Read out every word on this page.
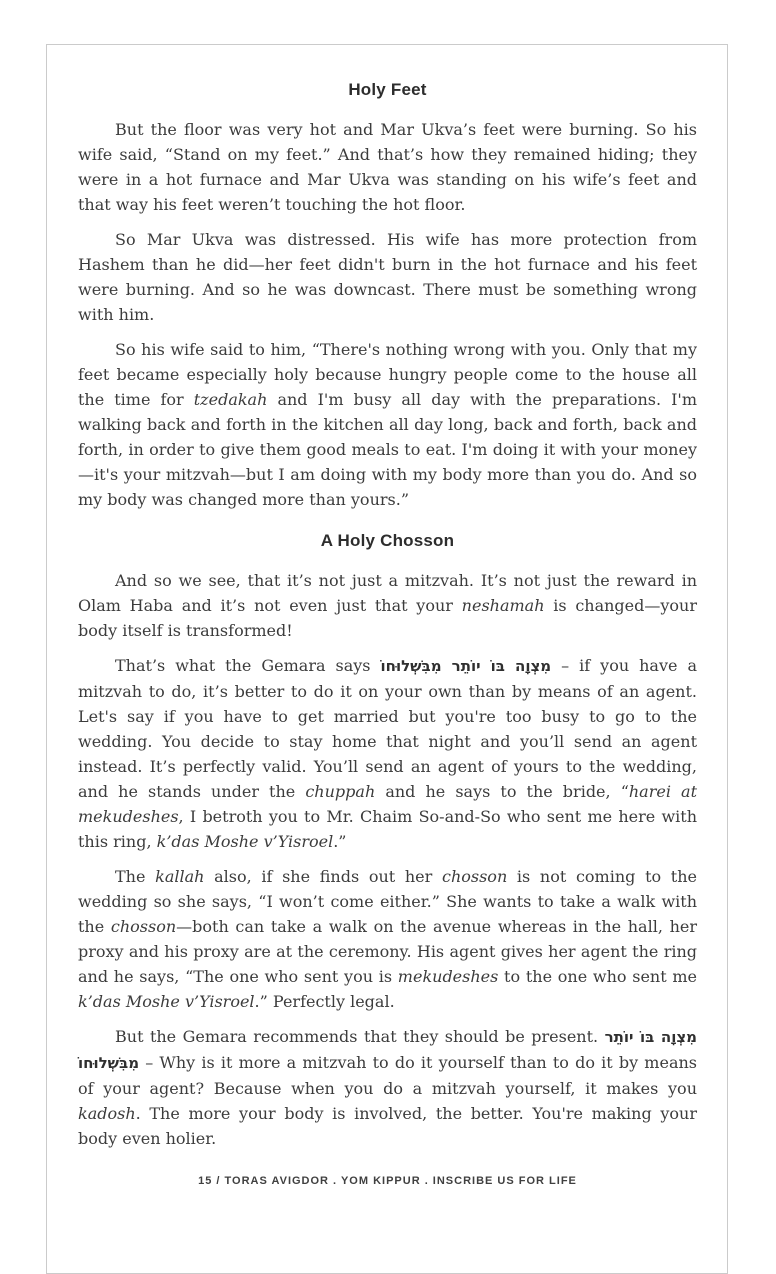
Holy Feet

But the floor was very hot and Mar Ukva’s feet were burning. So his wife said, “Stand on my feet.” And that’s how they remained hiding; they were in a hot furnace and Mar Ukva was standing on his wife’s feet and that way his feet weren’t touching the hot floor.

So Mar Ukva was distressed. His wife has more protection from Hashem than he did—her feet didn't burn in the hot furnace and his feet were burning. And so he was downcast. There must be something wrong with him.

So his wife said to him, “There's nothing wrong with you. Only that my feet became especially holy because hungry people come to the house all the time for tzedakah and I'm busy all day with the preparations. I'm walking back and forth in the kitchen all day long, back and forth, back and forth, in order to give them good meals to eat. I'm doing it with your money—it's your mitzvah—but I am doing with my body more than you do. And so my body was changed more than yours.”

A Holy Chosson

And so we see, that it’s not just a mitzvah. It’s not just the reward in Olam Haba and it’s not even just that your neshamah is changed—your body itself is transformed!

That’s what the Gemara says מִצְוָה בּוֹ יוֹתֵר מִבִּשְׁלוּחוֹ – if you have a mitzvah to do, it’s better to do it on your own than by means of an agent. Let's say if you have to get married but you're too busy to go to the wedding. You decide to stay home that night and you’ll send an agent instead. It’s perfectly valid. You’ll send an agent of yours to the wedding, and he stands under the chuppah and he says to the bride, “harei at mekudeshes, I betroth you to Mr. Chaim So-and-So who sent me here with this ring, k’das Moshe v’Yisroel.”

The kallah also, if she finds out her chosson is not coming to the wedding so she says, “I won’t come either.” She wants to take a walk with the chosson—both can take a walk on the avenue whereas in the hall, her proxy and his proxy are at the ceremony. His agent gives her agent the ring and he says, “The one who sent you is mekudeshes to the one who sent me k’das Moshe v’Yisroel.” Perfectly legal.

But the Gemara recommends that they should be present. מִצְוָה בּוֹ יוֹתֵר מִבִּשְׁלוּחוֹ – Why is it more a mitzvah to do it yourself than to do it by means of your agent? Because when you do a mitzvah yourself, it makes you kadosh. The more your body is involved, the better. You're making your body even holier.

15 / TORAS AVIGDOR . YOM KIPPUR . INSCRIBE US FOR LIFE
